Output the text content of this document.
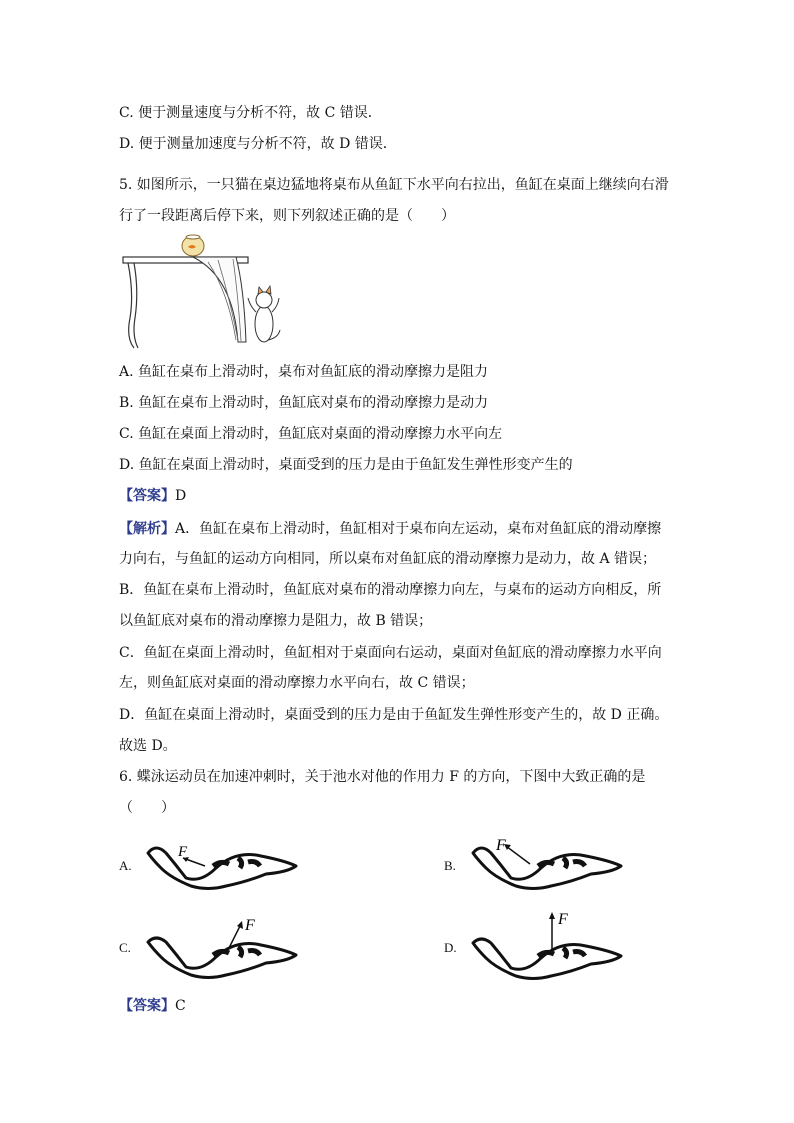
C. 便于测量速度与分析不符，故 C 错误．
D. 便于测量加速度与分析不符，故 D 错误．
5. 如图所示，一只猫在桌边猛地将桌布从鱼缸下水平向右拉出，鱼缸在桌面上继续向右滑
行了一段距离后停下来，则下列叙述正确的是（　　）
A. 鱼缸在桌布上滑动时，桌布对鱼缸底的滑动摩擦力是阻力
B. 鱼缸在桌布上滑动时，鱼缸底对桌布的滑动摩擦力是动力
C. 鱼缸在桌面上滑动时，鱼缸底对桌面的滑动摩擦力水平向左
D. 鱼缸在桌面上滑动时，桌面受到的压力是由于鱼缸发生弹性形变产生的
【答案】D
【解析】A．鱼缸在桌布上滑动时，鱼缸相对于桌布向左运动，桌布对鱼缸底的滑动摩擦
力向右，与鱼缸的运动方向相同，所以桌布对鱼缸底的滑动摩擦力是动力，故 A 错误；
B．鱼缸在桌布上滑动时，鱼缸底对桌布的滑动摩擦力向左，与桌布的运动方向相反，所
以鱼缸底对桌布的滑动摩擦力是阻力，故 B 错误；
C．鱼缸在桌面上滑动时，鱼缸相对于桌面向右运动，桌面对鱼缸底的滑动摩擦力水平向
左，则鱼缸底对桌面的滑动摩擦力水平向右，故 C 错误；
D．鱼缸在桌面上滑动时，桌面受到的压力是由于鱼缸发生弹性形变产生的，故 D 正确。
故选 D。
6. 蝶泳运动员在加速冲刺时，关于池水对他的作用力 F 的方向，下图中大致正确的是
（　　）
A.	B.
C.	D.
F	F
F	F
【答案】C
